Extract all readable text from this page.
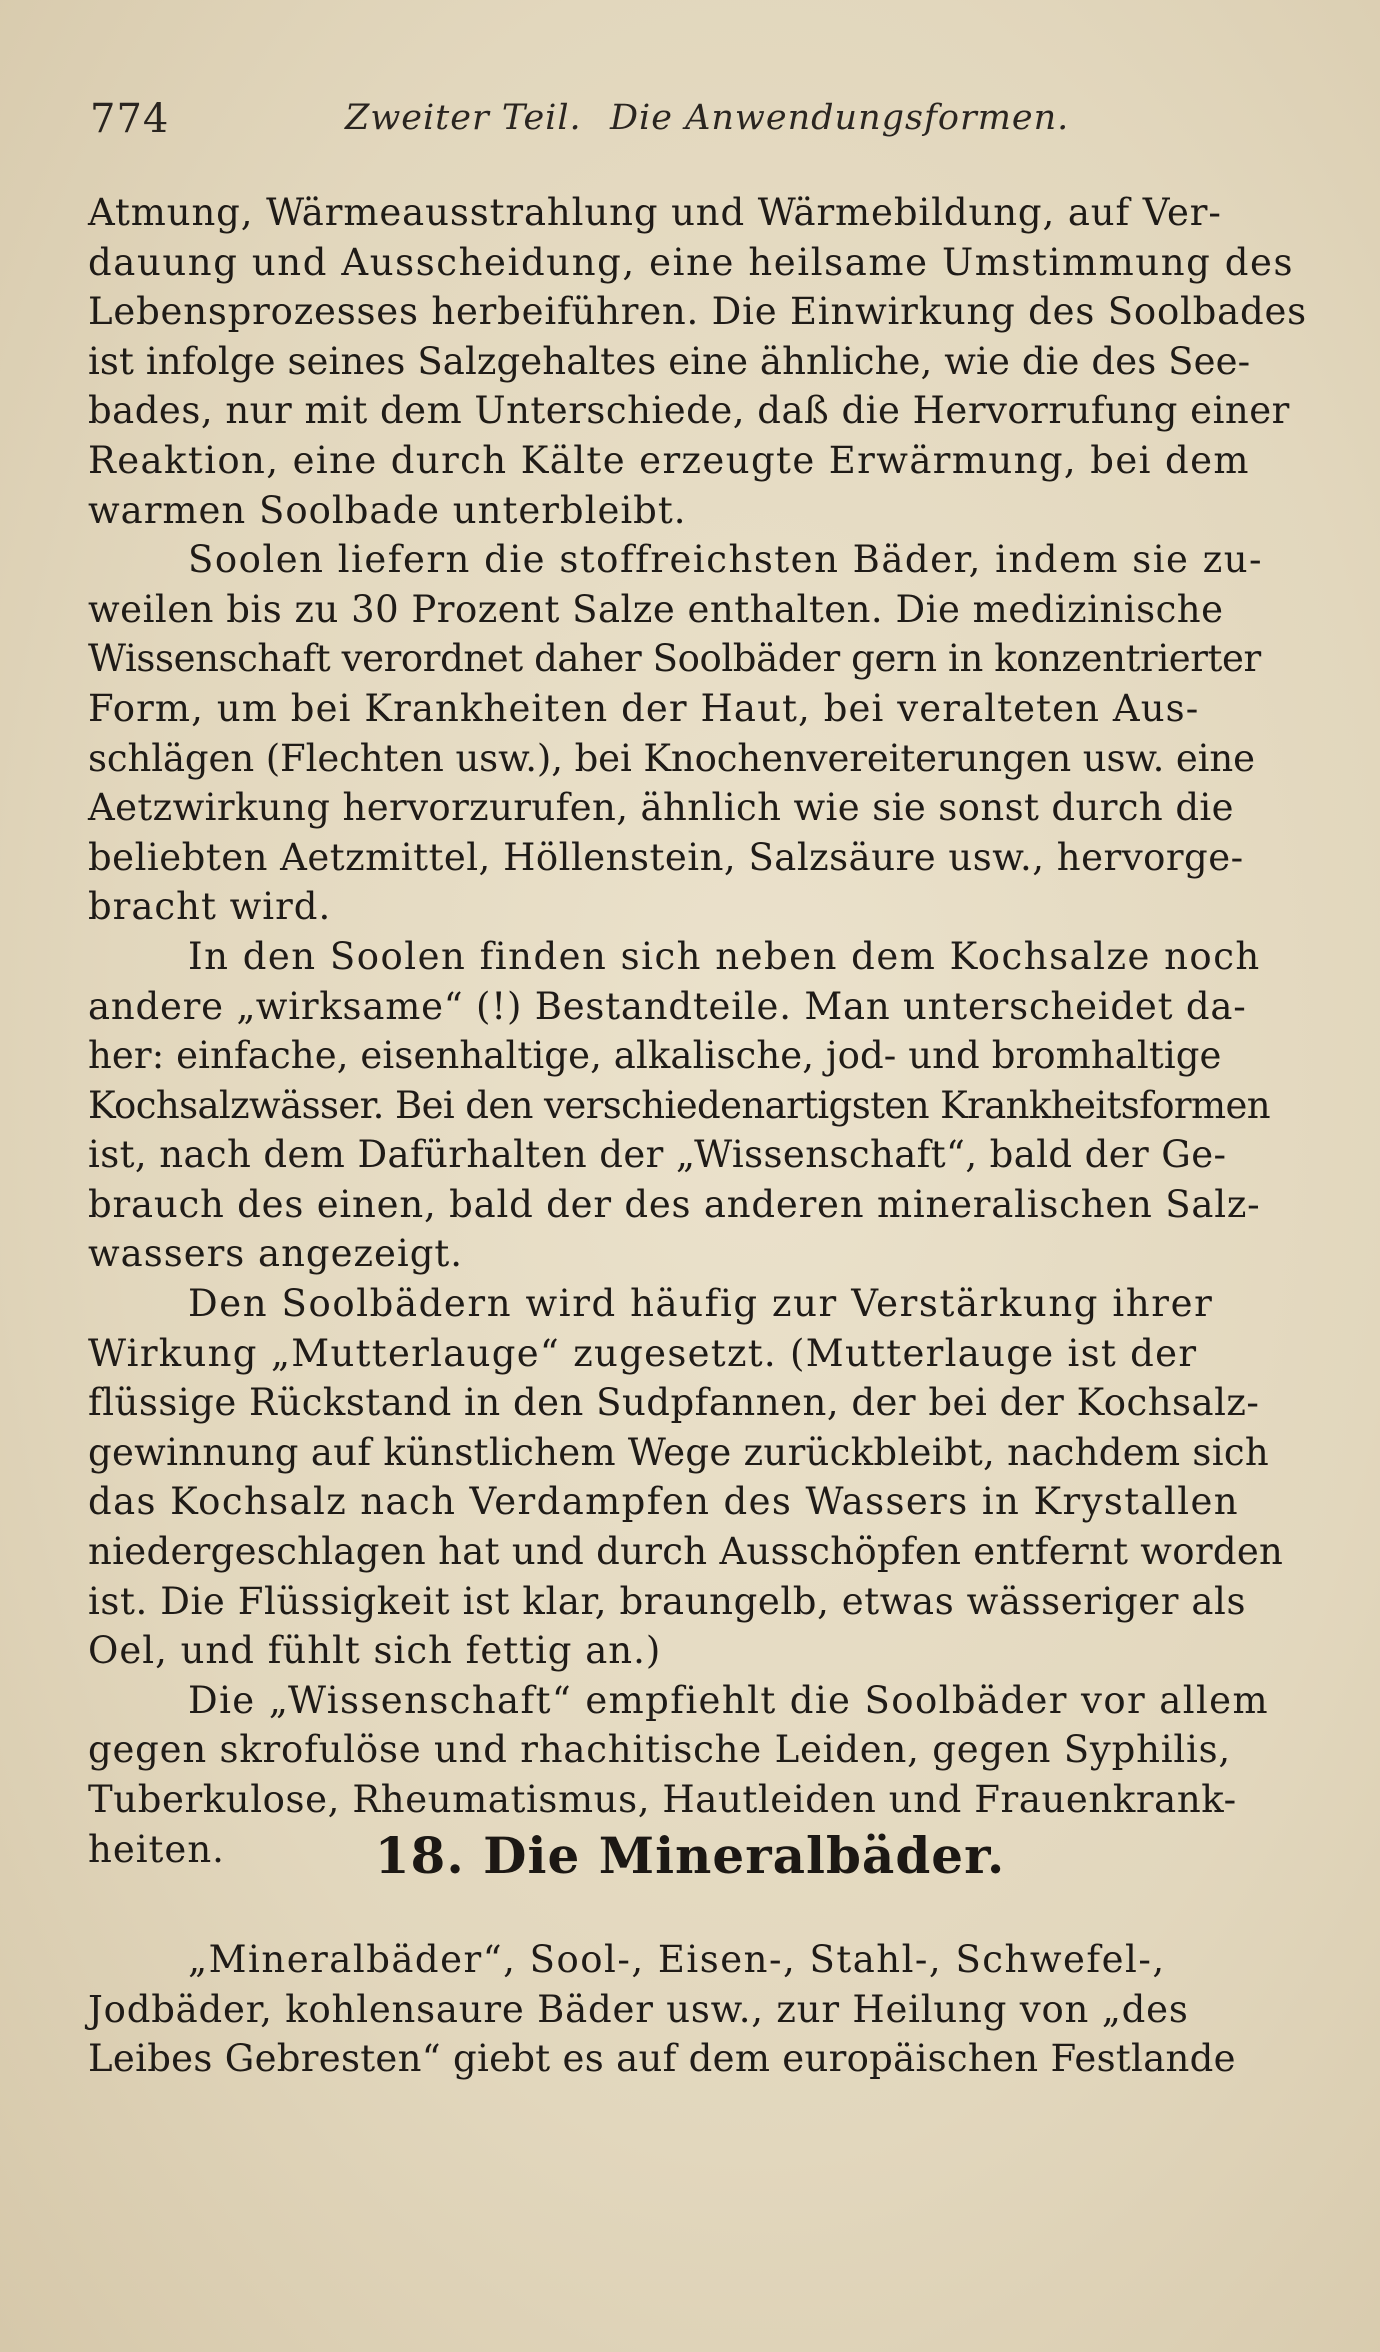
774	Zweiter Teil. Die Anwendungsformen.
Atmung, Wärmeausstrahlung und Wärmebildung, auf Ver-
dauung und Ausscheidung, eine heilsame Umstimmung des
Lebensprozesses herbeiführen. Die Einwirkung des Soolbades
ist infolge seines Salzgehaltes eine ähnliche, wie die des See-
bades, nur mit dem Unterschiede, daß die Hervorrufung einer
Reaktion, eine durch Kälte erzeugte Erwärmung, bei dem
warmen Soolbade unterbleibt.
Soolen liefern die stoffreichsten Bäder, indem sie zu-
weilen bis zu 30 Prozent Salze enthalten. Die medizinische
Wissenschaft verordnet daher Soolbäder gern in konzentrierter
Form, um bei Krankheiten der Haut, bei veralteten Aus-
schlägen (Flechten usw.), bei Knochenvereiterungen usw. eine
Aetzwirkung hervorzurufen, ähnlich wie sie sonst durch die
beliebten Aetzmittel, Höllenstein, Salzsäure usw., hervorge-
bracht wird.
In den Soolen finden sich neben dem Kochsalze noch
andere „wirksame“ (!) Bestandteile. Man unterscheidet da-
her: einfache, eisenhaltige, alkalische, jod- und bromhaltige
Kochsalzwässer. Bei den verschiedenartigsten Krankheitsformen
ist, nach dem Dafürhalten der „Wissenschaft“, bald der Ge-
brauch des einen, bald der des anderen mineralischen Salz-
wassers angezeigt.
Den Soolbädern wird häufig zur Verstärkung ihrer
Wirkung „Mutterlauge“ zugesetzt. (Mutterlauge ist der
flüssige Rückstand in den Sudpfannen, der bei der Kochsalz-
gewinnung auf künstlichem Wege zurückbleibt, nachdem sich
das Kochsalz nach Verdampfen des Wassers in Krystallen
niedergeschlagen hat und durch Ausschöpfen entfernt worden
ist. Die Flüssigkeit ist klar, braungelb, etwas wässeriger als
Oel, und fühlt sich fettig an.)
Die „Wissenschaft“ empfiehlt die Soolbäder vor allem
gegen skrofulöse und rhachitische Leiden, gegen Syphilis,
Tuberkulose, Rheumatismus, Hautleiden und Frauenkrank-
heiten.	18. Die Mineralbäder.
„Mineralbäder“, Sool-, Eisen-, Stahl-, Schwefel-,
Jodbäder, kohlensaure Bäder usw., zur Heilung von „des
Leibes Gebresten“ giebt es auf dem europäischen Festlande
